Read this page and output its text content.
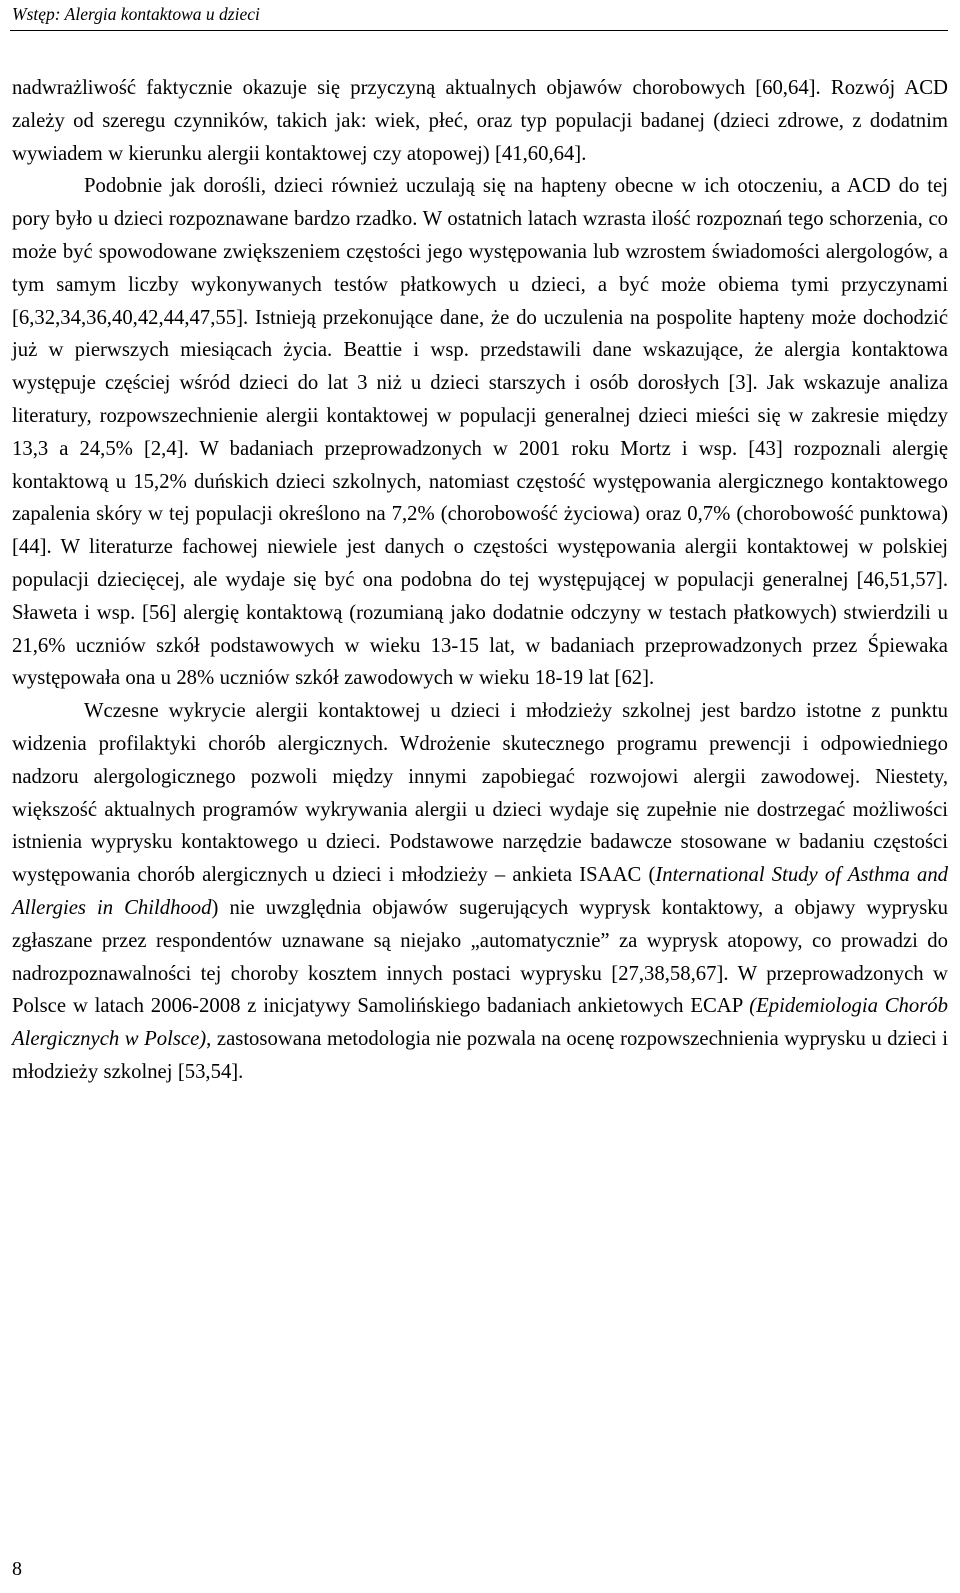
Wstęp: Alergia kontaktowa u dzieci

nadwrażliwość faktycznie okazuje się przyczyną aktualnych objawów chorobowych [60,64]. Rozwój ACD zależy od szeregu czynników, takich jak: wiek, płeć, oraz typ populacji badanej (dzieci zdrowe, z dodatnim wywiadem w kierunku alergii kontaktowej czy atopowej) [41,60,64].

Podobnie jak dorośli, dzieci również uczulają się na hapteny obecne w ich otoczeniu, a ACD do tej pory było u dzieci rozpoznawane bardzo rzadko. W ostatnich latach wzrasta ilość rozpoznań tego schorzenia, co może być spowodowane zwiększeniem częstości jego występowania lub wzrostem świadomości alergologów, a tym samym liczby wykonywanych testów płatkowych u dzieci, a być może obiema tymi przyczynami [6,32,34,36,40,42,44,47,55]. Istnieją przekonujące dane, że do uczulenia na pospolite hapteny może dochodzić już w pierwszych miesiącach życia. Beattie i wsp. przedstawili dane wskazujące, że alergia kontaktowa występuje częściej wśród dzieci do lat 3 niż u dzieci starszych i osób dorosłych [3]. Jak wskazuje analiza literatury, rozpowszechnienie alergii kontaktowej w populacji generalnej dzieci mieści się w zakresie między 13,3 a 24,5% [2,4]. W badaniach przeprowadzonych w 2001 roku Mortz i wsp. [43] rozpoznali alergię kontaktową u 15,2% duńskich dzieci szkolnych, natomiast częstość występowania alergicznego kontaktowego zapalenia skóry w tej populacji określono na 7,2% (chorobowość życiowa) oraz 0,7% (chorobowość punktowa) [44]. W literaturze fachowej niewiele jest danych o częstości występowania alergii kontaktowej w polskiej populacji dziecięcej, ale wydaje się być ona podobna do tej występującej w populacji generalnej [46,51,57]. Sławeta i wsp. [56] alergię kontaktową (rozumianą jako dodatnie odczyny w testach płatkowych) stwierdzili u 21,6% uczniów szkół podstawowych w wieku 13-15 lat, w badaniach przeprowadzonych przez Śpiewaka występowała ona u 28% uczniów szkół zawodowych w wieku 18-19 lat [62].

Wczesne wykrycie alergii kontaktowej u dzieci i młodzieży szkolnej jest bardzo istotne z punktu widzenia profilaktyki chorób alergicznych. Wdrożenie skutecznego programu prewencji i odpowiedniego nadzoru alergologicznego pozwoli między innymi zapobiegać rozwojowi alergii zawodowej. Niestety, większość aktualnych programów wykrywania alergii u dzieci wydaje się zupełnie nie dostrzegać możliwości istnienia wyprysku kontaktowego u dzieci. Podstawowe narzędzie badawcze stosowane w badaniu częstości występowania chorób alergicznych u dzieci i młodzieży – ankieta ISAAC (International Study of Asthma and Allergies in Childhood) nie uwzględnia objawów sugerujących wyprysk kontaktowy, a objawy wyprysku zgłaszane przez respondentów uznawane są niejako „automatycznie” za wyprysk atopowy, co prowadzi do nadrozpoznawalności tej choroby kosztem innych postaci wyprysku [27,38,58,67]. W przeprowadzonych w Polsce w latach 2006-2008 z inicjatywy Samolińskiego badaniach ankietowych ECAP (Epidemiologia Chorób Alergicznych w Polsce), zastosowana metodologia nie pozwala na ocenę rozpowszechnienia wyprysku u dzieci i młodzieży szkolnej [53,54].

8
